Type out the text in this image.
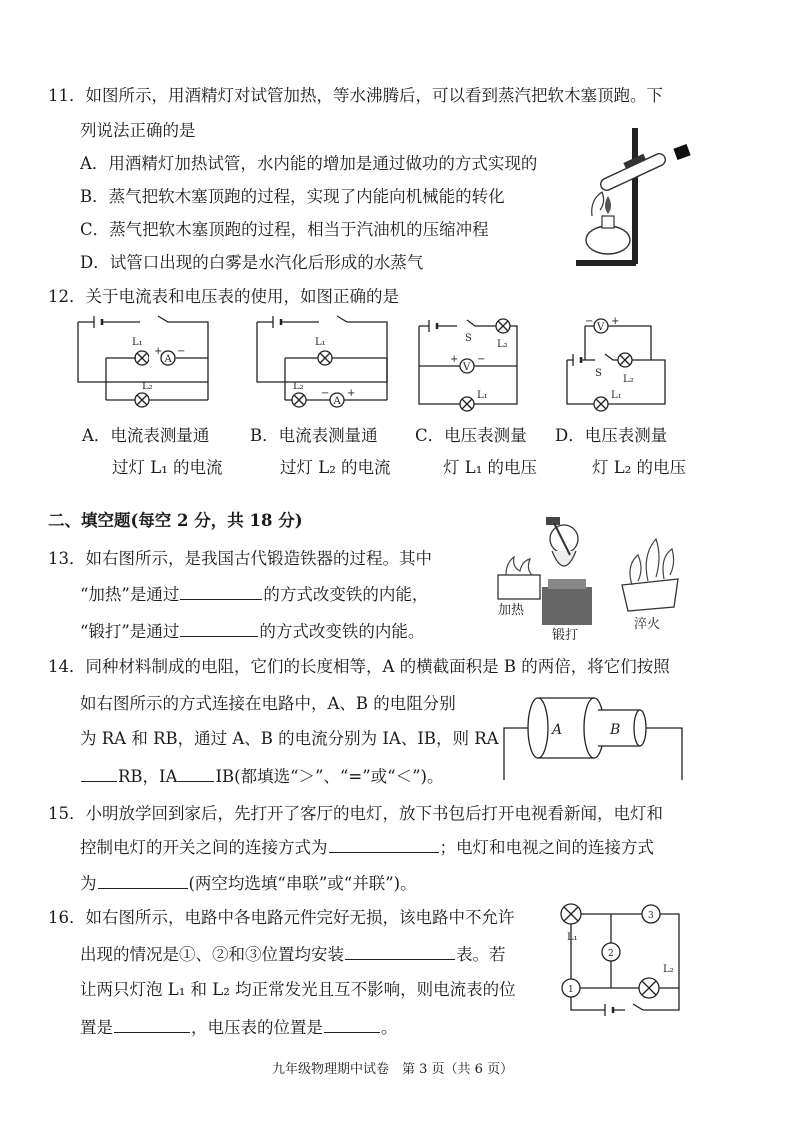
11．如图所示，用酒精灯对试管加热，等水沸腾后，可以看到蒸汽把软木塞顶跑。下
列说法正确的是
A．用酒精灯加热试管，水内能的增加是通过做功的方式实现的
B．蒸气把软木塞顶跑的过程，实现了内能向机械能的转化
C．蒸气把软木塞顶跑的过程，相当于汽油机的压缩冲程
D．试管口出现的白雾是水汽化后形成的水蒸气
12．关于电流表和电压表的使用，如图正确的是
A
+ −
L₁
L₂
A
− +
L₁
L₂
V
+ −
S
L₂
L₁
V
− +
S
L₂
L₁
A．电流表测量通
过灯 L₁ 的电流
B．电流表测量通
过灯 L₂ 的电流
C．电压表测量
灯 L₁ 的电压
D．电压表测量
灯 L₂ 的电压
二、填空题(每空 2 分，共 18 分)
13．如右图所示，是我国古代锻造铁器的过程。其中
“加热”是通过	的方式改变铁的内能，
“锻打”是通过	的方式改变铁的内能。
加热
锻打
淬火
14．同种材料制成的电阻，它们的长度相等，A 的横截面积是 B 的两倍，将它们按照
如右图所示的方式连接在电路中，A、B 的电阻分别
为 RA 和 RB，通过 A、B 的电流分别为 IA、IB，则 RA
RB，IA IB(都填选“＞”、“=”或“＜”)。
A	B
15．小明放学回到家后，先打开了客厅的电灯，放下书包后打开电视看新闻，电灯和
控制电灯的开关之间的连接方式为	；电灯和电视之间的连接方式
为	(两空均选填“串联”或“并联”)。
16．如右图所示，电路中各电路元件完好无损，该电路中不允许
出现的情况是①、②和③位置均安装	表。若
让两只灯泡 L₁ 和 L₂ 均正常发光且互不影响，则电流表的位
置是	，电压表的位置是	。
3
2
1
L₁
L₂
九年级物理期中试卷　第 3 页（共 6 页）
